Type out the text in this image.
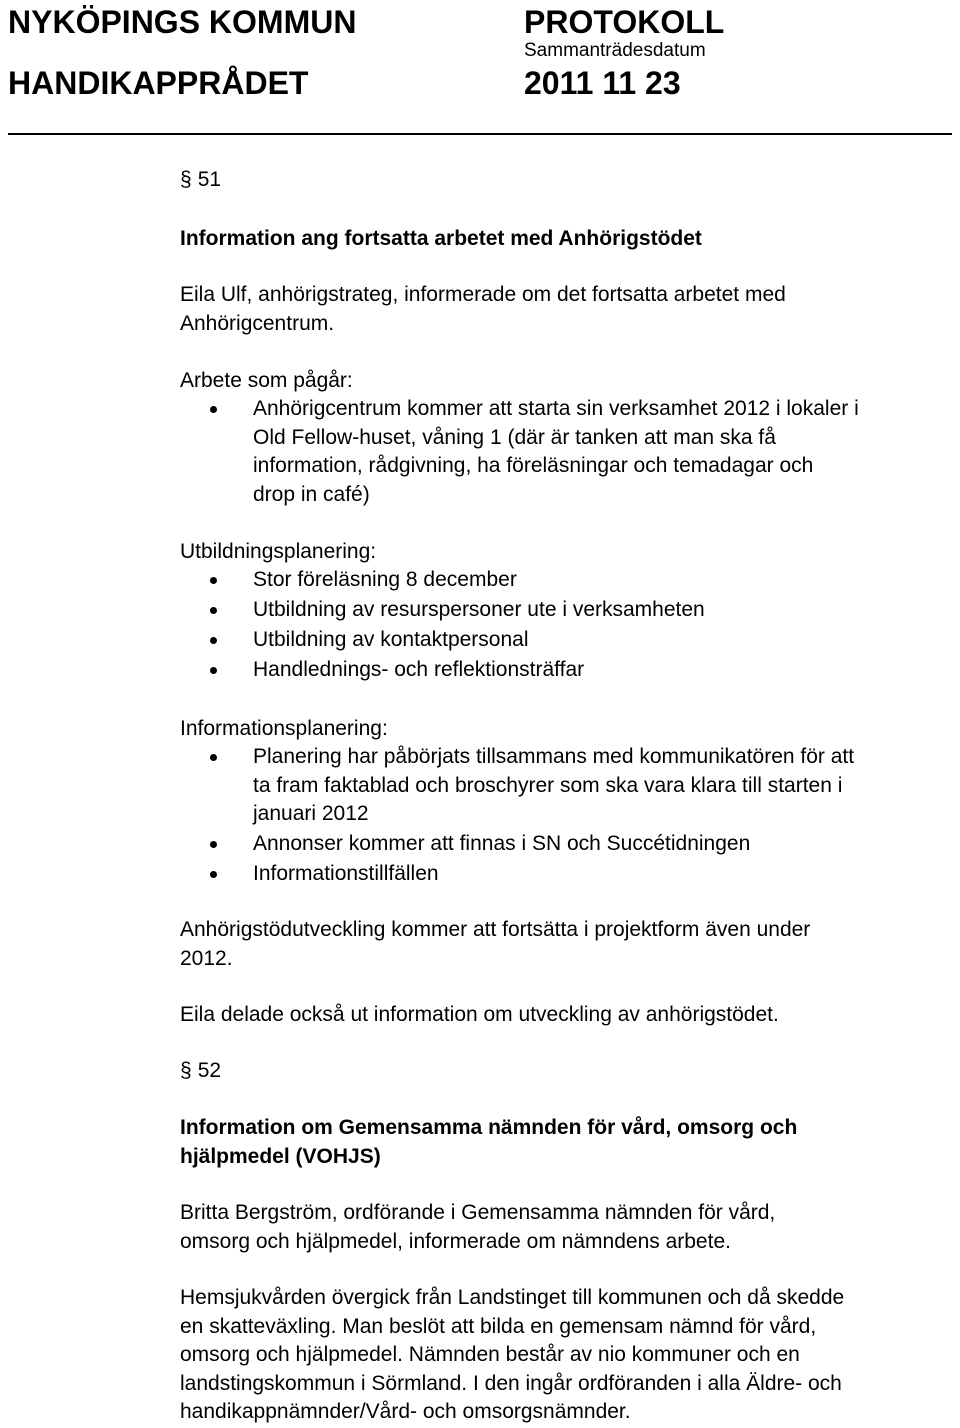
NYKÖPINGS KOMMUN
HANDIKAPPRÅDET
PROTOKOLL
Sammanträdesdatum
2011 11 23
§ 51

Information ang fortsatta arbetet med Anhörigstödet

Eila Ulf, anhörigstrateg, informerade om det fortsatta arbetet med
Anhörigcentrum.

Arbete som pågår:

Anhörigcentrum kommer att starta sin verksamhet 2012 i lokaler i
Old Fellow-huset, våning 1 (där är tanken att man ska få
information, rådgivning, ha föreläsningar och temadagar och
drop in café)

Utbildningsplanering:

Stor föreläsning 8 december
Utbildning av resurspersoner ute i verksamheten
Utbildning av kontaktpersonal
Handlednings- och reflektionsträffar

Informationsplanering:

Planering har påbörjats tillsammans med kommunikatören för att
ta fram faktablad och broschyrer som ska vara klara till starten i
januari 2012
Annonser kommer att finnas i SN och Succétidningen
Informationstillfällen

Anhörigstödutveckling kommer att fortsätta i projektform även under
2012.

Eila delade också ut information om utveckling av anhörigstödet.

§ 52

Information om Gemensamma nämnden för vård, omsorg och
hjälpmedel (VOHJS)

Britta Bergström, ordförande i Gemensamma nämnden för vård,
omsorg och hjälpmedel, informerade om nämndens arbete.

Hemsjukvården övergick från Landstinget till kommunen och då skedde
en skatteväxling. Man beslöt att bilda en gemensam nämnd för vård,
omsorg och hjälpmedel. Nämnden består av nio kommuner och en
landstingskommun i Sörmland. I den ingår ordföranden i alla Äldre- och
handikappnämnder/Vård- och omsorgsnämnder.
